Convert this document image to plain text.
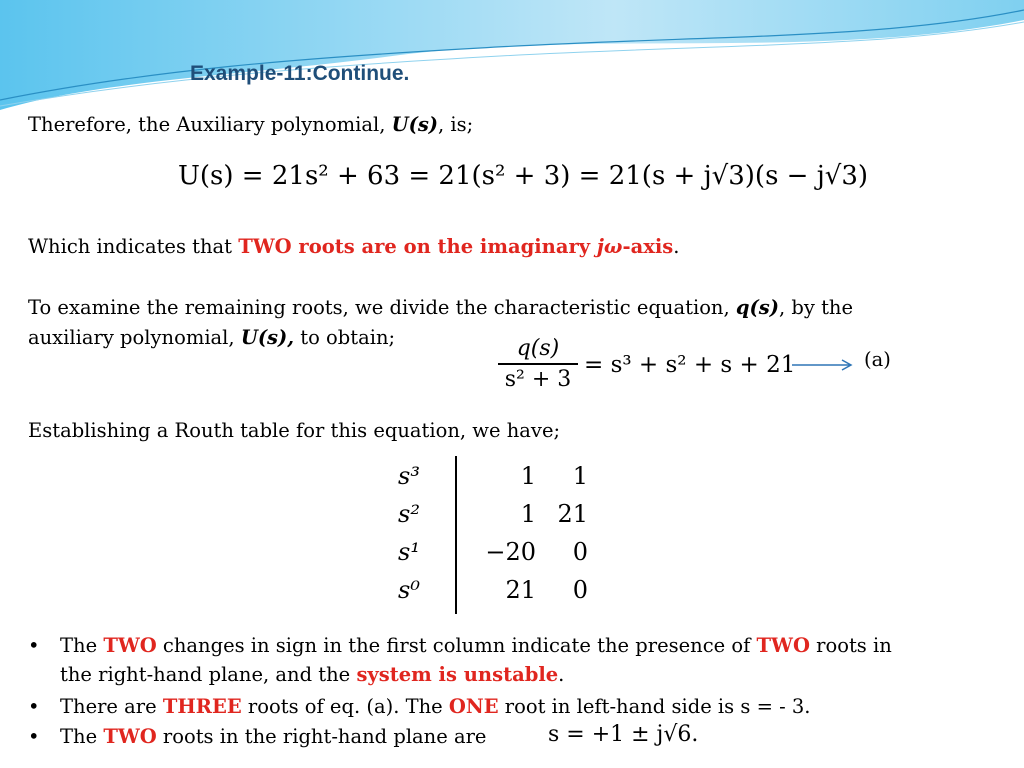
Example-11:Continue.
Therefore, the Auxiliary polynomial, U(s), is;
U(s) = 21s² + 63 = 21(s² + 3) = 21(s + j√3)(s − j√3)
Which indicates that TWO roots are on the imaginary jω-axis.
To examine the remaining roots, we divide the characteristic equation, q(s), by the
auxiliary polynomial, U(s), to obtain;	q(s)
s² + 3
= s³ + s² + s + 21	(a)
Establishing a Routh table for this equation, we have;
s³	1	1
s²	1 21
s¹	−20	0
s⁰	21	0
• The TWO changes in sign in the first column indicate the presence of TWO roots in
the right-hand plane, and the system is unstable.
• There are THREE roots of eq. (a). The ONE root in left-hand side is s = - 3.
• The TWO roots in the right-hand plane are	s = +1 ± j√6.
